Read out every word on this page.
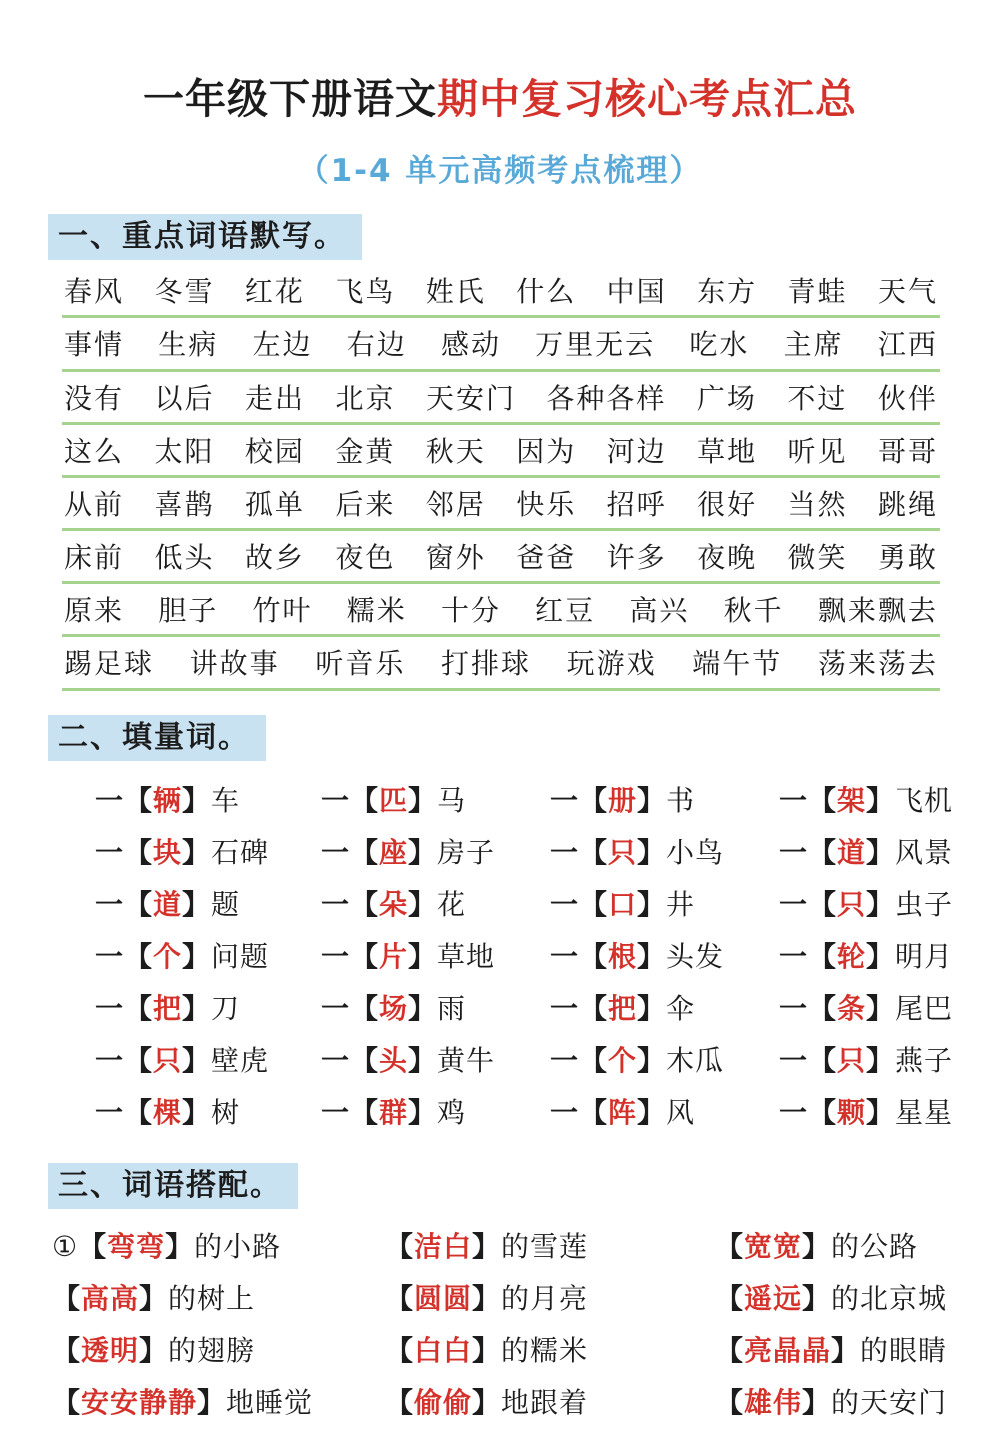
一年级下册语文期中复习核心考点汇总
（1-4 单元高频考点梳理）
一、重点词语默写。
春风 冬雪 红花 飞鸟 姓氏 什么 中国 东方 青蛙 天气
事情 生病 左边 右边 感动 万里无云 吃水 主席 江西
没有 以后 走出 北京 天安门 各种各样 广场 不过 伙伴
这么 太阳 校园 金黄 秋天 因为 河边 草地 听见 哥哥
从前 喜鹊 孤单 后来 邻居 快乐 招呼 很好 当然 跳绳
床前 低头 故乡 夜色 窗外 爸爸 许多 夜晚 微笑 勇敢
原来 胆子 竹叶 糯米 十分 红豆 高兴 秋千 飘来飘去
踢足球 讲故事 听音乐 打排球 玩游戏 端午节 荡来荡去
二、填量词。
一【辆】车	一【匹】马	一【册】书	一【架】飞机
一【块】石碑	一【座】房子	一【只】小鸟	一【道】风景
一【道】题	一【朵】花	一【口】井	一【只】虫子
一【个】问题	一【片】草地	一【根】头发	一【轮】明月
一【把】刀	一【场】雨	一【把】伞	一【条】尾巴
一【只】壁虎	一【头】黄牛	一【个】木瓜	一【只】燕子
一【棵】树	一【群】鸡	一【阵】风	一【颗】星星
三、词语搭配。
①【弯弯】的小路	【洁白】的雪莲	【宽宽】的公路
【高高】的树上	【圆圆】的月亮	【遥远】的北京城
【透明】的翅膀	【白白】的糯米	【亮晶晶】的眼睛
【安安静静】地睡觉	【偷偷】地跟着	【雄伟】的天安门
